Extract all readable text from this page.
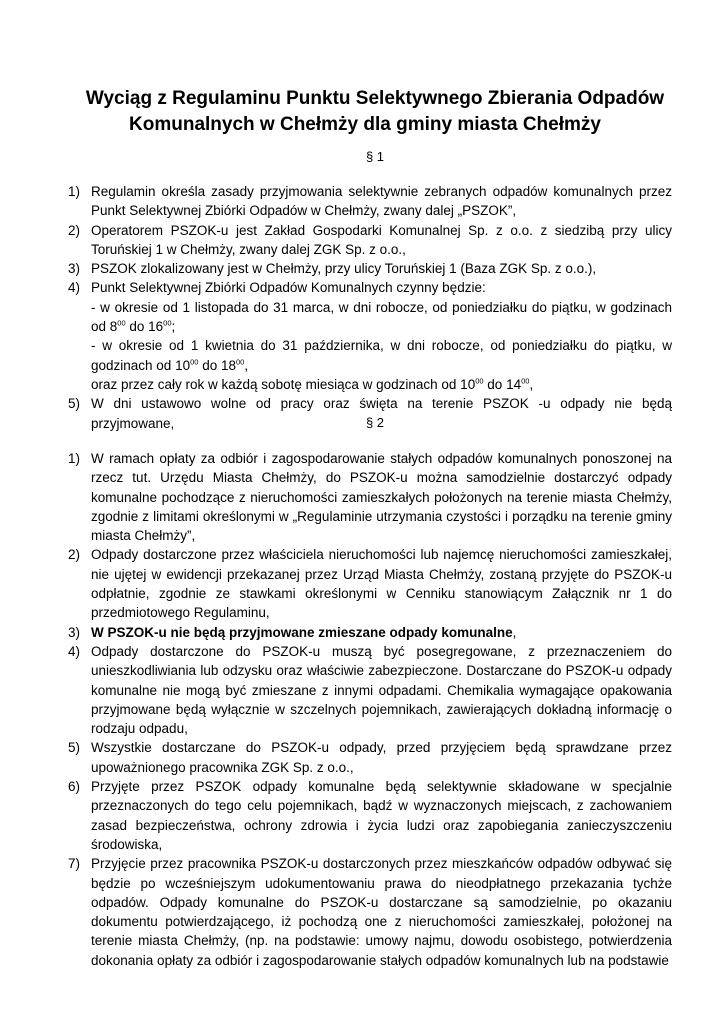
Wyciąg z Regulaminu Punktu Selektywnego Zbierania Odpadów
Komunalnych w Chełmży dla gminy miasta Chełmży
§ 1
1) Regulamin określa zasady przyjmowania selektywnie zebranych odpadów komunalnych przez Punkt Selektywnej Zbiórki Odpadów w Chełmży, zwany dalej „PSZOK”,
2) Operatorem PSZOK-u jest Zakład Gospodarki Komunalnej Sp. z o.o. z siedzibą przy ulicy Toruńskiej 1 w Chełmży, zwany dalej ZGK Sp. z o.o.,
3) PSZOK zlokalizowany jest w Chełmży, przy ulicy Toruńskiej 1 (Baza ZGK Sp. z o.o.),
4) Punkt Selektywnej Zbiórki Odpadów Komunalnych czynny będzie:
- w okresie od 1 listopada do 31 marca, w dni robocze, od poniedziałku do piątku, w godzinach od $8^{00}$ do $16^{00}$;
- w okresie od 1 kwietnia do 31 października, w dni robocze, od poniedziałku do piątku, w godzinach od $10^{00}$ do $18^{00}$,
oraz przez cały rok w każdą sobotę miesiąca w godzinach od $10^{00}$ do $14^{00}$,
5) W dni ustawowo wolne od pracy oraz święta na terenie PSZOK -u odpady nie będą przyjmowane,	§ 2
1) W ramach opłaty za odbiór i zagospodarowanie stałych odpadów komunalnych ponoszonej na rzecz tut. Urzędu Miasta Chełmży, do PSZOK-u można samodzielnie dostarczyć odpady komunalne pochodzące z nieruchomości zamieszkałych położonych na terenie miasta Chełmży, zgodnie z limitami określonymi w „Regulaminie utrzymania czystości i porządku na terenie gminy miasta Chełmży”,
2) Odpady dostarczone przez właściciela nieruchomości lub najemcę nieruchomości zamieszkałej, nie ujętej w ewidencji przekazanej przez Urząd Miasta Chełmży, zostaną przyjęte do PSZOK-u odpłatnie, zgodnie ze stawkami określonymi w Cenniku stanowiącym Załącznik nr 1 do przedmiotowego Regulaminu,
3) W PSZOK-u nie będą przyjmowane zmieszane odpady komunalne,
4) Odpady dostarczone do PSZOK-u muszą być posegregowane, z przeznaczeniem do unieszkodliwiania lub odzysku oraz właściwie zabezpieczone. Dostarczane do PSZOK-u odpady komunalne nie mogą być zmieszane z innymi odpadami. Chemikalia wymagające opakowania przyjmowane będą wyłącznie w szczelnych pojemnikach, zawierających dokładną informację o rodzaju odpadu,
5) Wszystkie dostarczane do PSZOK-u odpady, przed przyjęciem będą sprawdzane przez upoważnionego pracownika ZGK Sp. z o.o.,
6) Przyjęte przez PSZOK odpady komunalne będą selektywnie składowane w specjalnie przeznaczonych do tego celu pojemnikach, bądź w wyznaczonych miejscach, z zachowaniem zasad bezpieczeństwa, ochrony zdrowia i życia ludzi oraz zapobiegania zanieczyszczeniu środowiska,
7) Przyjęcie przez pracownika PSZOK-u dostarczonych przez mieszkańców odpadów odbywać się będzie po wcześniejszym udokumentowaniu prawa do nieodpłatnego przekazania tychże odpadów. Odpady komunalne do PSZOK-u dostarczane są samodzielnie, po okazaniu dokumentu potwierdzającego, iż pochodzą one z nieruchomości zamieszkałej, położonej na terenie miasta Chełmży, (np. na podstawie: umowy najmu, dowodu osobistego, potwierdzenia dokonania opłaty za odbiór i zagospodarowanie stałych odpadów komunalnych lub na podstawie
